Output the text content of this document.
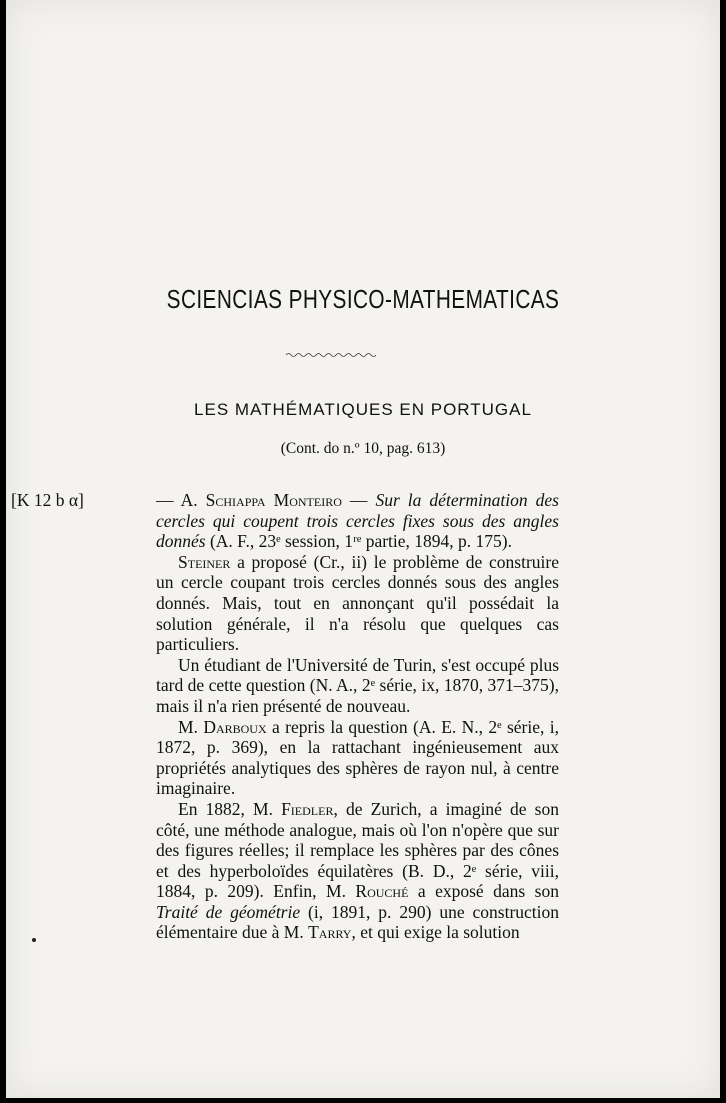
SCIENCIAS PHYSICO-MATHEMATICAS
LES MATHÉMATIQUES EN PORTUGAL
(Cont. do n.º 10, pag. 613)

[K 12 b α]	— A. Schiappa Monteiro — Sur la détermination des cercles qui coupent trois cercles fixes sous des angles donnés (A. F., 23ᵉ session, 1ʳᵉ partie, 1894, p. 175).

Steiner a proposé (Cr., ii) le problème de construire un cercle coupant trois cercles donnés sous des angles donnés. Mais, tout en annonçant qu'il possédait la solution générale, il n'a résolu que quelques cas particuliers.

Un étudiant de l'Université de Turin, s'est occupé plus tard de cette question (N. A., 2ᵉ série, ix, 1870, 371–375), mais il n'a rien présenté de nouveau.

M. Darboux a repris la question (A. E. N., 2ᵉ série, i, 1872, p. 369), en la rattachant ingénieusement aux propriétés analytiques des sphères de rayon nul, à centre imaginaire.

En 1882, M. Fiedler, de Zurich, a imaginé de son côté, une méthode analogue, mais où l'on n'opère que sur des figures réelles; il remplace les sphères par des cônes et des hyperboloïdes équilatères (B. D., 2ᵉ série, viii, 1884, p. 209). Enfin, M. Rouché a exposé dans son Traité de géométrie (i, 1891, p. 290) une construction élémentaire due à M. Tarry, et qui exige la solution
